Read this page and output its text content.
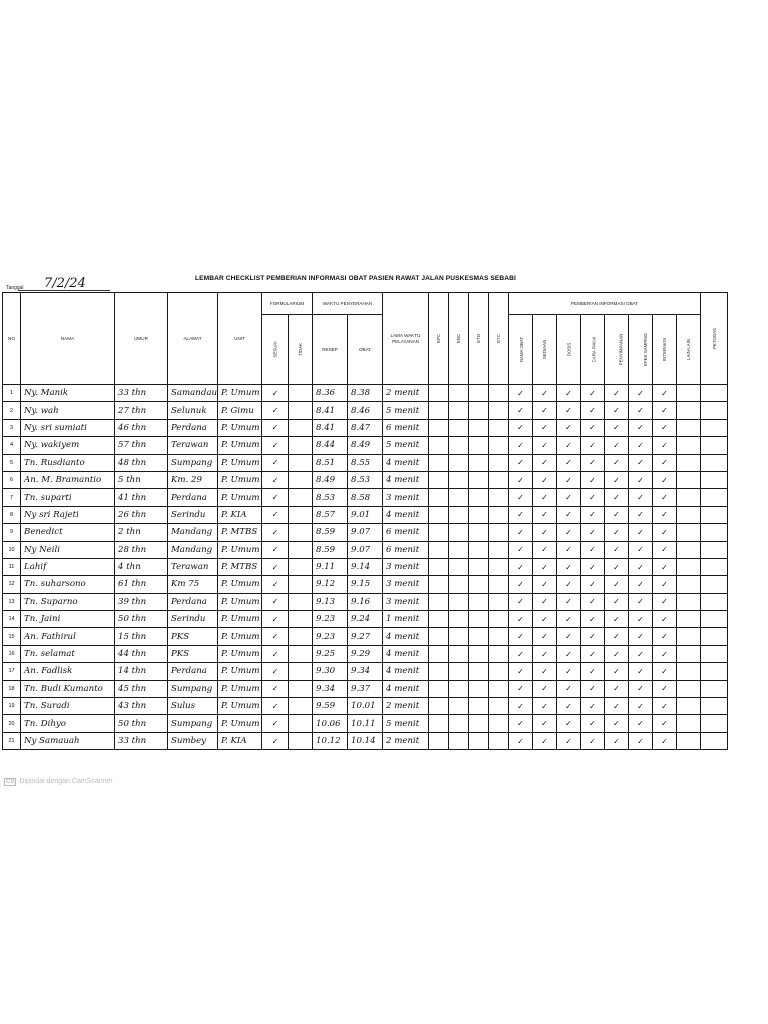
LEMBAR CHECKLIST PEMBERIAN INFORMASI OBAT PASIEN RAWAT JALAN PUSKESMAS SEBABI
Tanggal 7/2/24
NO	NAMA	UMUR	ALAMAT	UNIT	FORMULARIUM		WAKTU PENYERAHAN		LAMA WAKTU PELAYANAN	EPC	ENC	ETD	ETC	PEMBERIAN INFORMASI OBAT								PETUGAS
					SESUAI	TIDAK	RESEP	OBAT						NAMA OBAT	SEDIAAN	DOSIS	CARA PAKAI	PENYIMPANAN	EFEK SAMPING	INTERAKSI	LAIN-LAIN	
1	Ny. Manik	33 thn	Samandau	P. Umum	✓		8.36	8.38	2 menit					✓	✓	✓	✓	✓	✓	✓		
2	Ny. wah	27 thn	Selunuk	P. Gimu	✓		8.41	8.46	5 menit					✓	✓	✓	✓	✓	✓	✓		
3	Ny. sri sumiati	46 thn	Perdana	P. Umum	✓		8.41	8.47	6 menit					✓	✓	✓	✓	✓	✓	✓		
4	Ny. wakiyem	57 thn	Terawan	P. Umum	✓		8.44	8.49	5 menit					✓	✓	✓	✓	✓	✓	✓		
5	Tn. Rusdianto	48 thn	Sumpang	P. Umum	✓		8.51	8.55	4 menit					✓	✓	✓	✓	✓	✓	✓		
6	An. M. Bramantio	5 thn	Km. 29	P. Umum	✓		8.49	8.53	4 menit					✓	✓	✓	✓	✓	✓	✓		
7	Tn. suparti	41 thn	Perdana	P. Umum	✓		8.53	8.58	3 menit					✓	✓	✓	✓	✓	✓	✓		
8	Ny sri Rajeti	26 thn	Serindu	P. KIA	✓		8.57	9.01	4 menit					✓	✓	✓	✓	✓	✓	✓		
9	Benedict	2 thn	Mandang	P. MTBS	✓		8.59	9.07	6 menit					✓	✓	✓	✓	✓	✓	✓		
10	Ny Neili	28 thn	Mandang	P. Umum	✓		8.59	9.07	6 menit					✓	✓	✓	✓	✓	✓	✓		
11	Lahif	4 thn	Terawan	P. MTBS	✓		9.11	9.14	3 menit					✓	✓	✓	✓	✓	✓	✓		
12	Tn. suharsono	61 thn	Km 75	P. Umum	✓		9.12	9.15	3 menit					✓	✓	✓	✓	✓	✓	✓		
13	Tn. Suparno	39 thn	Perdana	P. Umum	✓		9.13	9.16	3 menit					✓	✓	✓	✓	✓	✓	✓		
14	Tn. Jaini	50 thn	Serindu	P. Umum	✓		9.23	9.24	1 menit					✓	✓	✓	✓	✓	✓	✓		
15	An. Fathirul	15 thn	PKS	P. Umum	✓		9.23	9.27	4 menit					✓	✓	✓	✓	✓	✓	✓		
16	Tn. selamat	44 thn	PKS	P. Umum	✓		9.25	9.29	4 menit					✓	✓	✓	✓	✓	✓	✓		
17	An. Fadlisk	14 thn	Perdana	P. Umum	✓		9.30	9.34	4 menit					✓	✓	✓	✓	✓	✓	✓		
18	Tn. Budi Kumanto	45 thn	Sumpang	P. Umum	✓		9.34	9.37	4 menit					✓	✓	✓	✓	✓	✓	✓		
19	Tn. Suradi	43 thn	Sulus	P. Umum	✓		9.59	10.01	2 menit					✓	✓	✓	✓	✓	✓	✓		
20	Tn. Dihyo	50 thn	Sumpang	P. Umum	✓		10.06	10.11	5 menit					✓	✓	✓	✓	✓	✓	✓		
21	Ny Samauah	33 thn	Sumbey	P. KIA	✓		10.12	10.14	2 menit					✓	✓	✓	✓	✓	✓	✓		
CS Dipindai dengan CamScanner
